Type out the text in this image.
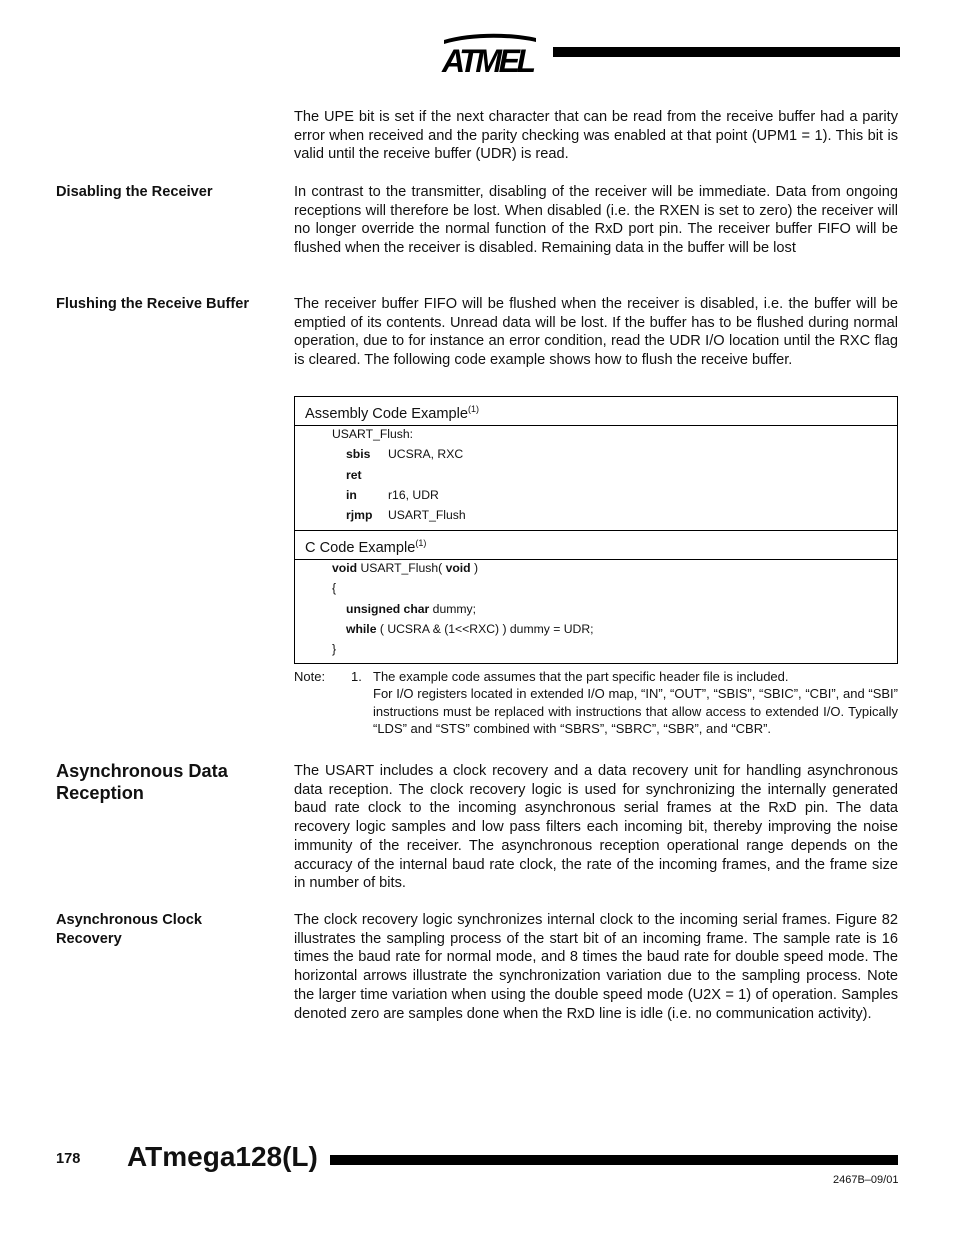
ATMEL
The UPE bit is set if the next character that can be read from the receive buffer had a parity error when received and the parity checking was enabled at that point (UPM1 = 1). This bit is valid until the receive buffer (UDR) is read.
Disabling the Receiver	In contrast to the transmitter, disabling of the receiver will be immediate. Data from ongoing receptions will therefore be lost. When disabled (i.e. the RXEN is set to zero) the receiver will no longer override the normal function of the RxD port pin. The receiver buffer FIFO will be flushed when the receiver is disabled. Remaining data in the buffer will be lost
Flushing the Receive Buffer	The receiver buffer FIFO will be flushed when the receiver is disabled, i.e. the buffer will be emptied of its contents. Unread data will be lost. If the buffer has to be flushed during normal operation, due to for instance an error condition, read the UDR I/O location until the RXC flag is cleared. The following code example shows how to flush the receive buffer.
Assembly Code Example$^{(1)}$
USART_Flush:
sbis UCSRA, RXC
ret
in	r16, UDR
rjmp USART_Flush
C Code Example$^{(1)}$
void USART_Flush( void )
{
unsigned char dummy;
while ( UCSRA & (1<<RXC) ) dummy = UDR;
}
Note: 1. The example code assumes that the part specific header file is included.
For I/O registers located in extended I/O map, “IN”, “OUT”, “SBIS”, “SBIC”, “CBI”, and “SBI” instructions must be replaced with instructions that allow access to extended I/O. Typically “LDS” and “STS” combined with “SBRS”, “SBRC”, “SBR”, and “CBR”.
Asynchronous Data
Reception
The USART includes a clock recovery and a data recovery unit for handling asynchronous data reception. The clock recovery logic is used for synchronizing the internally generated baud rate clock to the incoming asynchronous serial frames at the RxD pin. The data recovery logic samples and low pass filters each incoming bit, thereby improving the noise immunity of the receiver. The asynchronous reception operational range depends on the accuracy of the internal baud rate clock, the rate of the incoming frames, and the frame size in number of bits.
Asynchronous Clock
Recovery
The clock recovery logic synchronizes internal clock to the incoming serial frames. Figure 82 illustrates the sampling process of the start bit of an incoming frame. The sample rate is 16 times the baud rate for normal mode, and 8 times the baud rate for double speed mode. The horizontal arrows illustrate the synchronization variation due to the sampling process. Note the larger time variation when using the double speed mode (U2X = 1) of operation. Samples denoted zero are samples done when the RxD line is idle (i.e. no communication activity).
178 ATmega128(L)
2467B–09/01
